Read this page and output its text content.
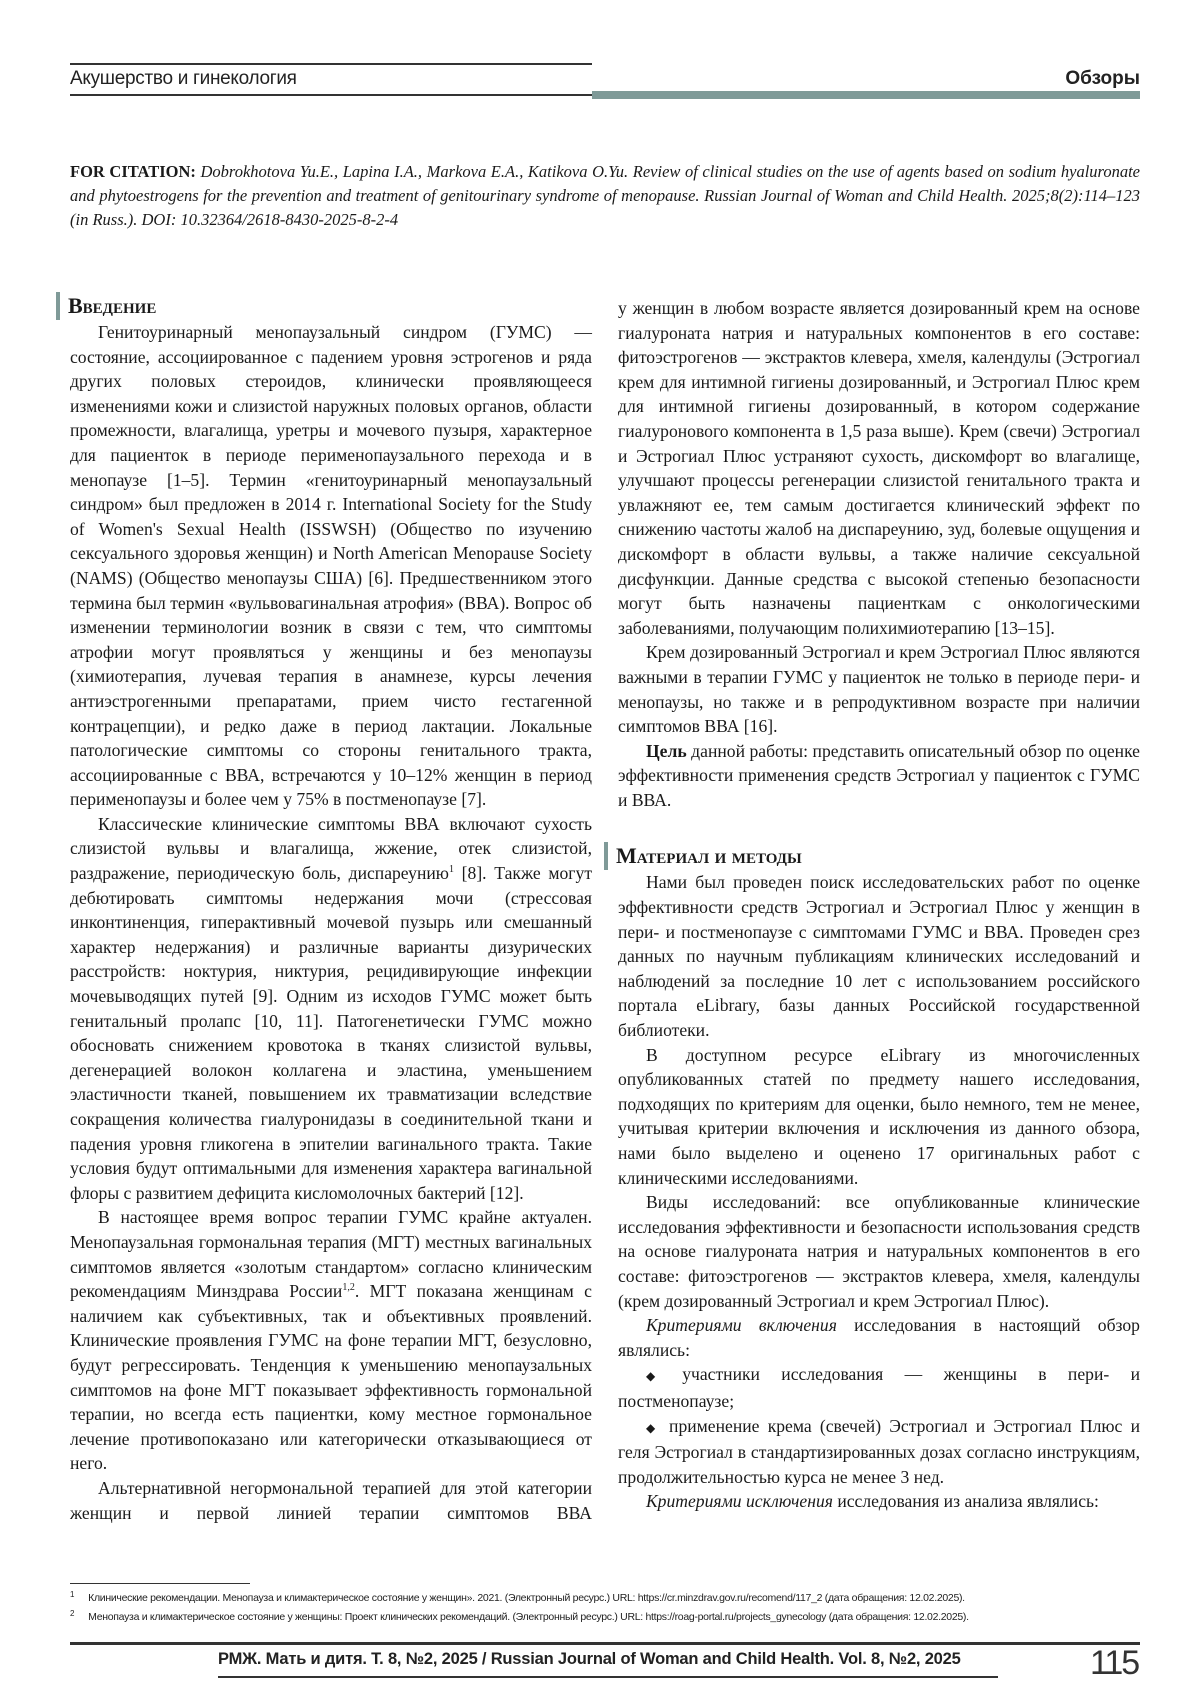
Акушерство и гинекология	Обзоры
FOR CITATION: Dobrokhotova Yu.E., Lapina I.A., Markova E.A., Katikova O.Yu. Review of clinical studies on the use of agents based on sodium hyaluronate and phytoestrogens for the prevention and treatment of genitourinary syndrome of menopause. Russian Journal of Woman and Child Health. 2025;8(2):114–123 (in Russ.). DOI: 10.32364/2618-8430-2025-8-2-4
Введение

Генитоуринарный менопаузальный синдром (ГУМС) — состояние, ассоциированное с падением уровня эстрогенов и ряда других половых стероидов, клинически проявляющееся изменениями кожи и слизистой наружных половых органов, области промежности, влагалища, уретры и мочевого пузыря, характерное для пациенток в периоде перименопаузального перехода и в менопаузе [1–5]. Термин «генитоуринарный менопаузальный синдром» был предложен в 2014 г. International Society for the Study of Women's Sexual Health (ISSWSH) (Общество по изучению сексуального здоровья женщин) и North American Menopause Society (NAMS) (Общество менопаузы США) [6]. Предшественником этого термина был термин «вульвовагинальная атрофия» (ВВА). Вопрос об изменении терминологии возник в связи с тем, что симптомы атрофии могут проявляться у женщины и без менопаузы (химиотерапия, лучевая терапия в анамнезе, курсы лечения антиэстрогенными препаратами, прием чисто гестагенной контрацепции), и редко даже в период лактации. Локальные патологические симптомы со стороны генитального тракта, ассоциированные с ВВА, встречаются у 10–12% женщин в период перименопаузы и более чем у 75% в постменопаузе [7].

Классические клинические симптомы ВВА включают сухость слизистой вульвы и влагалища, жжение, отек слизистой, раздражение, периодическую боль, диспареунию1 [8]. Также могут дебютировать симптомы недержания мочи (стрессовая инконтиненция, гиперактивный мочевой пузырь или смешанный характер недержания) и различные варианты дизурических расстройств: ноктурия, никтурия, рецидивирующие инфекции мочевыводящих путей [9]. Одним из исходов ГУМС может быть генитальный пролапс [10, 11]. Патогенетически ГУМС можно обосновать снижением кровотока в тканях слизистой вульвы, дегенерацией волокон коллагена и эластина, уменьшением эластичности тканей, повышением их травматизации вследствие сокращения количества гиалуронидазы в соединительной ткани и падения уровня гликогена в эпителии вагинального тракта. Такие условия будут оптимальными для изменения характера вагинальной флоры с развитием дефицита кисломолочных бактерий [12].

В настоящее время вопрос терапии ГУМС крайне актуален. Менопаузальная гормональная терапия (МГТ) местных вагинальных симптомов является «золотым стандартом» согласно клиническим рекомендациям Минздрава России1,2. МГТ показана женщинам с наличием как субъективных, так и объективных проявлений. Клинические проявления ГУМС на фоне терапии МГТ, безусловно, будут регрессировать. Тенденция к уменьшению менопаузальных симптомов на фоне МГТ показывает эффективность гормональной терапии, но всегда есть пациентки, кому местное гормональное лечение противопоказано или категорически отказывающиеся от него.

Альтернативной негормональной терапией для этой категории женщин и первой линией терапии симптомов ВВА

у женщин в любом возрасте является дозированный крем на основе гиалуроната натрия и натуральных компонентов в его составе: фитоэстрогенов — экстрактов клевера, хмеля, календулы (Эстрогиал крем для интимной гигиены дозированный, и Эстрогиал Плюс крем для интимной гигиены дозированный, в котором содержание гиалуронового компонента в 1,5 раза выше). Крем (свечи) Эстрогиал и Эстрогиал Плюс устраняют сухость, дискомфорт во влагалище, улучшают процессы регенерации слизистой генитального тракта и увлажняют ее, тем самым достигается клинический эффект по снижению частоты жалоб на диспареунию, зуд, болевые ощущения и дискомфорт в области вульвы, а также наличие сексуальной дисфункции. Данные средства с высокой степенью безопасности могут быть назначены пациенткам с онкологическими заболеваниями, получающим полихимиотерапию [13–15].

Крем дозированный Эстрогиал и крем Эстрогиал Плюс являются важными в терапии ГУМС у пациенток не только в периоде пери- и менопаузы, но также и в репродуктивном возрасте при наличии симптомов ВВА [16].

Цель данной работы: представить описательный обзор по оценке эффективности применения средств Эстрогиал у пациенток с ГУМС и ВВА.

Материал и методы

Нами был проведен поиск исследовательских работ по оценке эффективности средств Эстрогиал и Эстрогиал Плюс у женщин в пери- и постменопаузе с симптомами ГУМС и ВВА. Проведен срез данных по научным публикациям клинических исследований и наблюдений за последние 10 лет с использованием российского портала eLibrary, базы данных Российской государственной библиотеки.

В доступном ресурсе eLibrary из многочисленных опубликованных статей по предмету нашего исследования, подходящих по критериям для оценки, было немного, тем не менее, учитывая критерии включения и исключения из данного обзора, нами было выделено и оценено 17 оригинальных работ с клиническими исследованиями.

Виды исследований: все опубликованные клинические исследования эффективности и безопасности использования средств на основе гиалуроната натрия и натуральных компонентов в его составе: фитоэстрогенов — экстрактов клевера, хмеля, календулы (крем дозированный Эстрогиал и крем Эстрогиал Плюс).

Критериями включения исследования в настоящий обзор являлись:

◆ участники исследования — женщины в пери- и постменопаузе;

◆ применение крема (свечей) Эстрогиал и Эстрогиал Плюс и геля Эстрогиал в стандартизированных дозах согласно инструкциям, продолжительностью курса не менее 3 нед.

Критериями исключения исследования из анализа являлись:

1 Клинические рекомендации. Менопауза и климактерическое состояние у женщин». 2021. (Электронный ресурс.) URL: https://cr.minzdrav.gov.ru/recomend/117_2 (дата обращения: 12.02.2025).
2 Менопауза и климактерическое состояние у женщины: Проект клинических рекомендаций. (Электронный ресурс.) URL: https://roag-portal.ru/projects_gynecology (дата обращения: 12.02.2025).
РМЖ. Мать и дитя. Т. 8, №2, 2025 / Russian Journal of Woman and Child Health. Vol. 8, №2, 2025	115
